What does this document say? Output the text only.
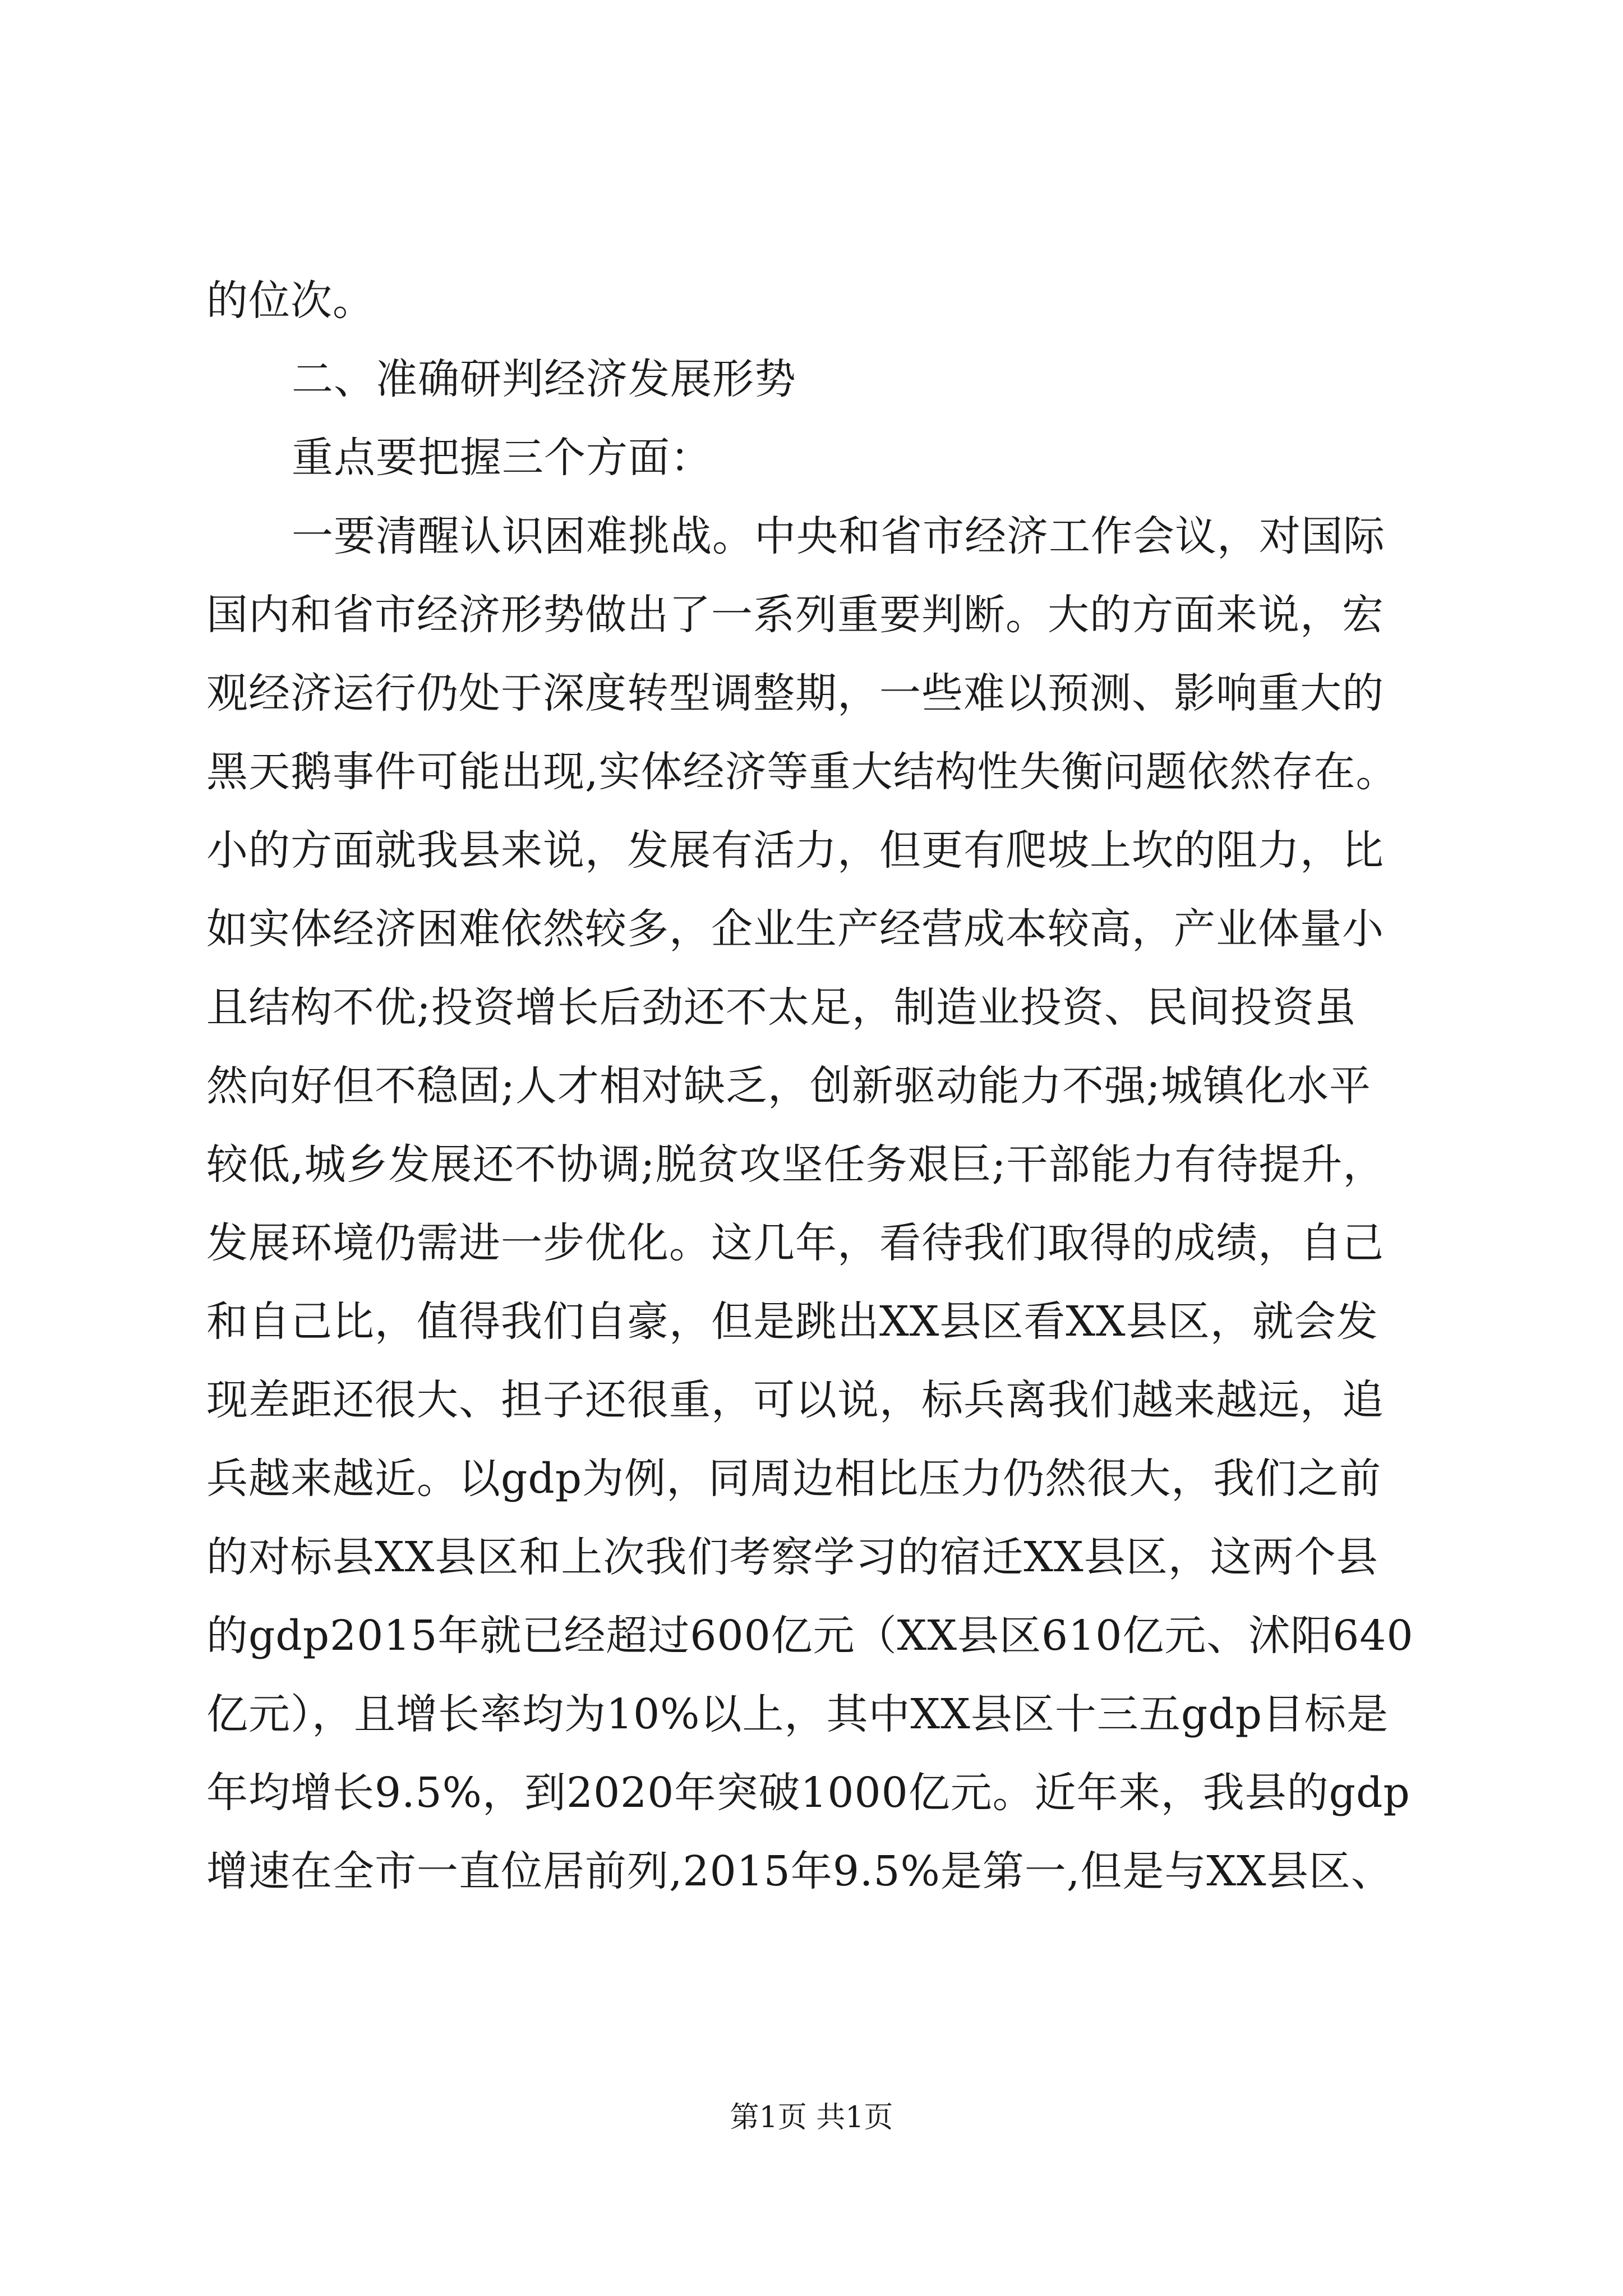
的位次。
二、准确研判经济发展形势
重点要把握三个方面：
一要清醒认识困难挑战。中央和省市经济工作会议，对国际
国内和省市经济形势做出了一系列重要判断。大的方面来说，宏
观经济运行仍处于深度转型调整期，一些难以预测、影响重大的
黑天鹅事件可能出现,实体经济等重大结构性失衡问题依然存在。
小的方面就我县来说，发展有活力，但更有爬坡上坎的阻力，比
如实体经济困难依然较多，企业生产经营成本较高，产业体量小
且结构不优;投资增长后劲还不太足，制造业投资、民间投资虽
然向好但不稳固;人才相对缺乏，创新驱动能力不强;城镇化水平
较低,城乡发展还不协调;脱贫攻坚任务艰巨;干部能力有待提升，
发展环境仍需进一步优化。这几年，看待我们取得的成绩，自己
和自己比，值得我们自豪，但是跳出XX县区看XX县区，就会发
现差距还很大、担子还很重，可以说，标兵离我们越来越远，追
兵越来越近。以gdp为例，同周边相比压力仍然很大，我们之前
的对标县XX县区和上次我们考察学习的宿迁XX县区，这两个县
的gdp2015年就已经超过600亿元（XX县区610亿元、沭阳640
亿元），且增长率均为10%以上，其中XX县区十三五gdp目标是
年均增长9.5%，到2020年突破1000亿元。近年来，我县的gdp
增速在全市一直位居前列,2015年9.5%是第一,但是与XX县区、
第1页 共1页
